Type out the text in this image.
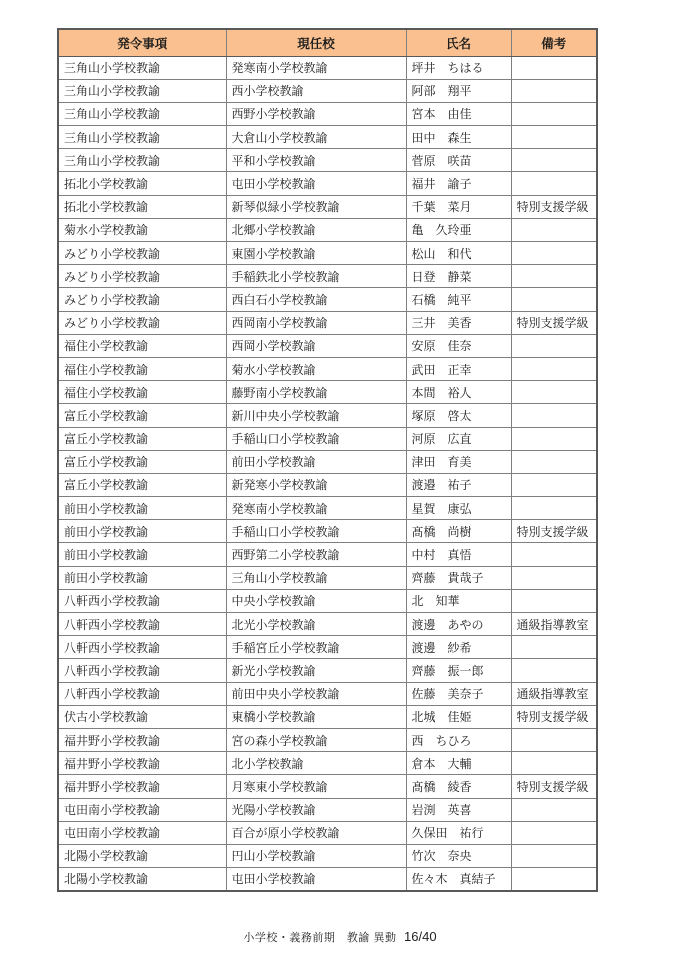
発令事項	現任校	氏名	備考
三角山小学校教諭	発寒南小学校教諭	坪井　ちはる	
三角山小学校教諭	西小学校教諭	阿部　翔平	
三角山小学校教諭	西野小学校教諭	宮本　由佳	
三角山小学校教諭	大倉山小学校教諭	田中　森生	
三角山小学校教諭	平和小学校教諭	菅原　咲苗	
拓北小学校教諭	屯田小学校教諭	福井　諭子	
拓北小学校教諭	新琴似緑小学校教諭	千葉　菜月	特別支援学級
菊水小学校教諭	北郷小学校教諭	亀　久玲亜	
みどり小学校教諭	東園小学校教諭	松山　和代	
みどり小学校教諭	手稲鉄北小学校教諭	日登　静菜	
みどり小学校教諭	西白石小学校教諭	石橋　純平	
みどり小学校教諭	西岡南小学校教諭	三井　美香	特別支援学級
福住小学校教諭	西岡小学校教諭	安原　佳奈	
福住小学校教諭	菊水小学校教諭	武田　正幸	
福住小学校教諭	藤野南小学校教諭	本間　裕人	
富丘小学校教諭	新川中央小学校教諭	塚原　啓太	
富丘小学校教諭	手稲山口小学校教諭	河原　広直	
富丘小学校教諭	前田小学校教諭	津田　育美	
富丘小学校教諭	新発寒小学校教諭	渡邉　祐子	
前田小学校教諭	発寒南小学校教諭	星賀　康弘	
前田小学校教諭	手稲山口小学校教諭	髙橋　尚樹	特別支援学級
前田小学校教諭	西野第二小学校教諭	中村　真悟	
前田小学校教諭	三角山小学校教諭	齊藤　貴哉子	
八軒西小学校教諭	中央小学校教諭	北　知華	
八軒西小学校教諭	北光小学校教諭	渡邊　あやの	通級指導教室
八軒西小学校教諭	手稲宮丘小学校教諭	渡邊　紗希	
八軒西小学校教諭	新光小学校教諭	齊藤　振一郎	
八軒西小学校教諭	前田中央小学校教諭	佐藤　美奈子	通級指導教室
伏古小学校教諭	東橋小学校教諭	北城　佳姫	特別支援学級
福井野小学校教諭	宮の森小学校教諭	西　ちひろ	
福井野小学校教諭	北小学校教諭	倉本　大輔	
福井野小学校教諭	月寒東小学校教諭	髙橋　綾香	特別支援学級
屯田南小学校教諭	光陽小学校教諭	岩渕　英喜	
屯田南小学校教諭	百合が原小学校教諭	久保田　祐行	
北陽小学校教諭	円山小学校教諭	竹次　奈央	
北陽小学校教諭	屯田小学校教諭	佐々木　真結子	
小学校・義務前期　教諭 異動 16/40
